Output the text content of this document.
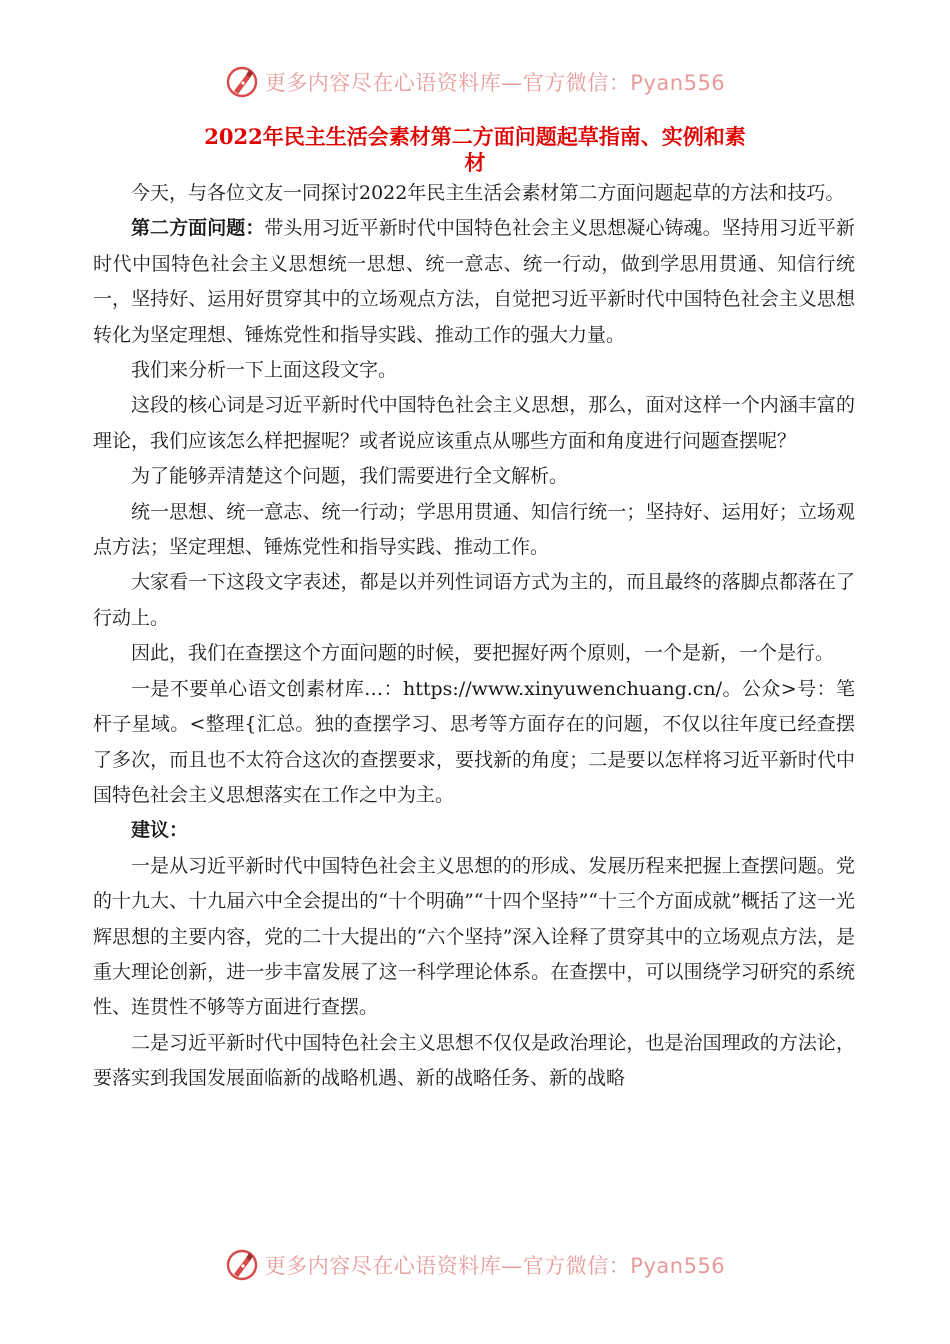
更多内容尽在心语资料库—官方微信：Pyan556
2022年民主生活会素材第二方面问题起草指南、实例和素
材

今天，与各位文友一同探讨2022年民主生活会素材第二方面问题起草的方法和技巧。

第二方面问题：带头用习近平新时代中国特色社会主义思想凝心铸魂。坚持用习近平新时代中国特色社会主义思想统一思想、统一意志、统一行动，做到学思用贯通、知信行统一，坚持好、运用好贯穿其中的立场观点方法，自觉把习近平新时代中国特色社会主义思想转化为坚定理想、锤炼党性和指导实践、推动工作的强大力量。

我们来分析一下上面这段文字。

这段的核心词是习近平新时代中国特色社会主义思想，那么，面对这样一个内涵丰富的理论，我们应该怎么样把握呢？或者说应该重点从哪些方面和角度进行问题查摆呢？

为了能够弄清楚这个问题，我们需要进行全文解析。

统一思想、统一意志、统一行动；学思用贯通、知信行统一；坚持好、运用好；立场观点方法；坚定理想、锤炼党性和指导实践、推动工作。

大家看一下这段文字表述，都是以并列性词语方式为主的，而且最终的落脚点都落在了行动上。

因此，我们在查摆这个方面问题的时候，要把握好两个原则，一个是新，一个是行。

一是不要单心语文创素材库…：https://www.xinyuwenchuang.cn/。公众>号：笔杆子星域。<整理{汇总。独的查摆学习、思考等方面存在的问题，不仅以往年度已经查摆了多次，而且也不太符合这次的查摆要求，要找新的角度；二是要以怎样将习近平新时代中国特色社会主义思想落实在工作之中为主。

建议：

一是从习近平新时代中国特色社会主义思想的的形成、发展历程来把握上查摆问题。党的十九大、十九届六中全会提出的“十个明确”“十四个坚持”“十三个方面成就”概括了这一光辉思想的主要内容，党的二十大提出的“六个坚持”深入诠释了贯穿其中的立场观点方法，是重大理论创新，进一步丰富发展了这一科学理论体系。在查摆中，可以围绕学习研究的系统性、连贯性不够等方面进行查摆。

二是习近平新时代中国特色社会主义思想不仅仅是政治理论，也是治国理政的方法论，要落实到我国发展面临新的战略机遇、新的战略任务、新的战略

更多内容尽在心语资料库—官方微信：Pyan556
